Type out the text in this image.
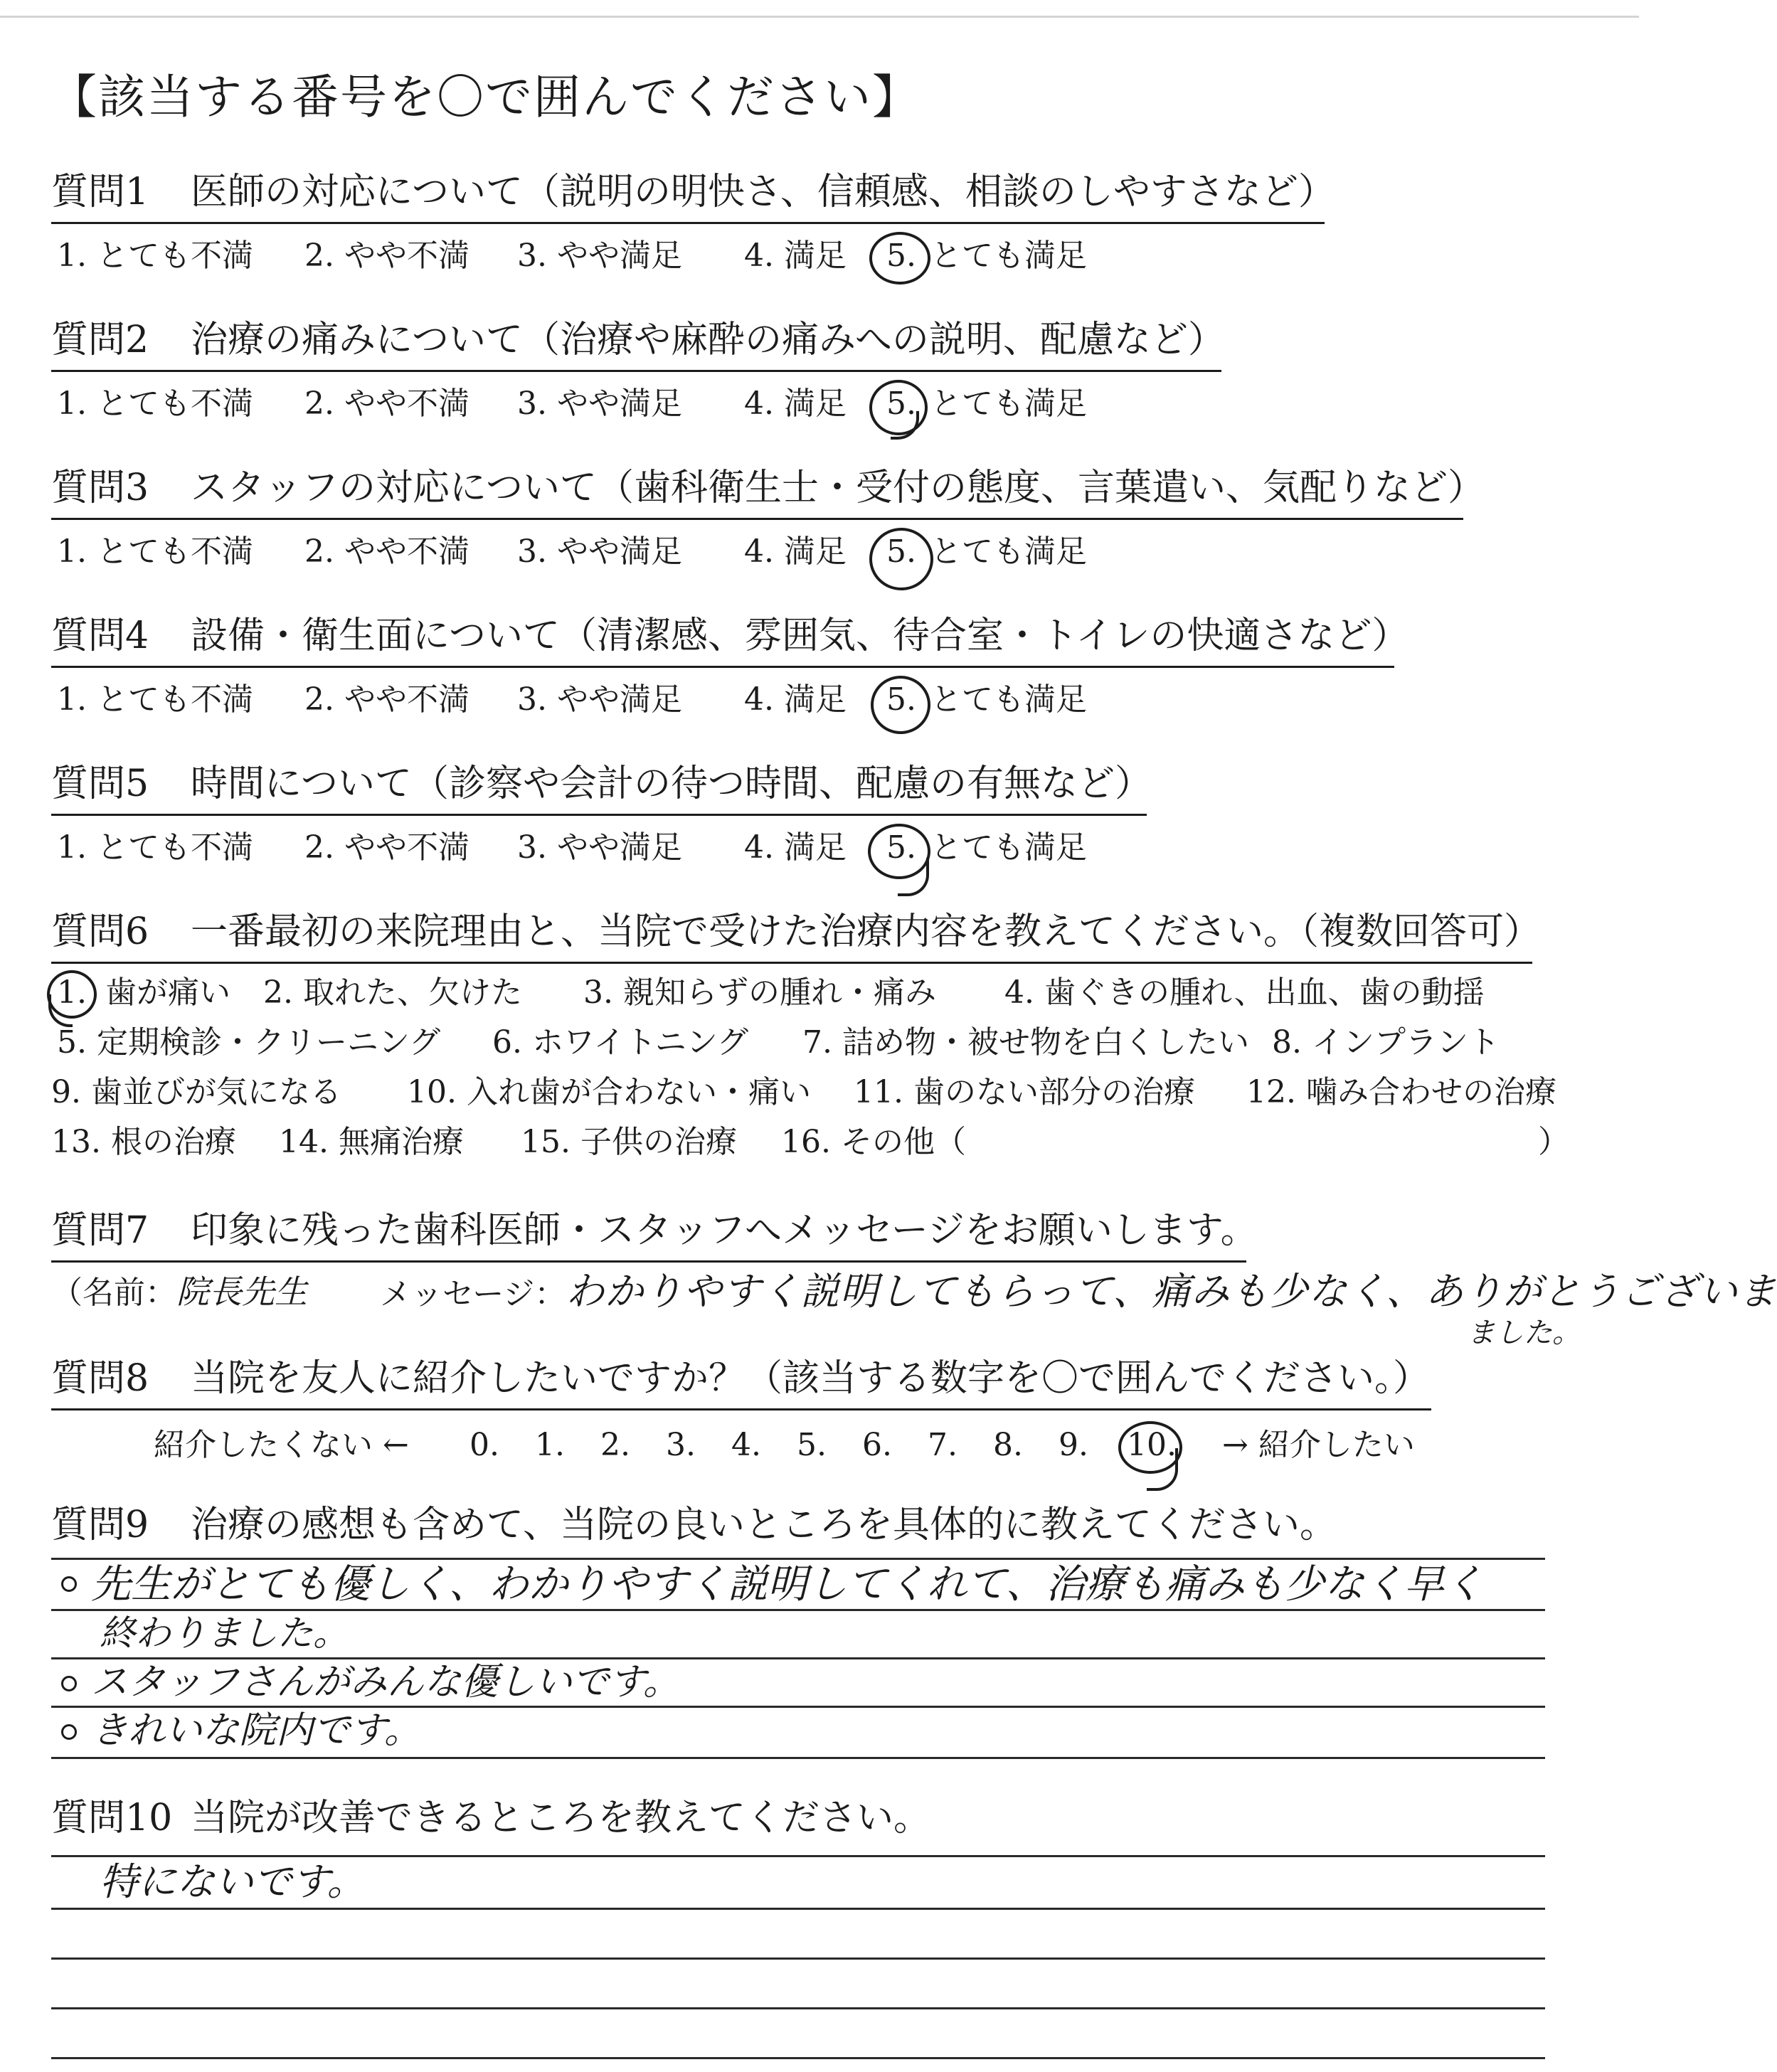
【該当する番号を〇で囲んでください】
質問1 医師の対応について（説明の明快さ、信頼感、相談のしやすさなど）
1. とても不満 2. やや不満 3. やや満足 4. 満足 5. とても満足
質問2 治療の痛みについて（治療や麻酔の痛みへの説明、配慮など）
1. とても不満 2. やや不満 3. やや満足 4. 満足 5. とても満足
質問3 スタッフの対応について（歯科衛生士・受付の態度、言葉遣い、気配りなど）
1. とても不満 2. やや不満 3. やや満足 4. 満足 5. とても満足
質問4 設備・衛生面について（清潔感、雰囲気、待合室・トイレの快適さなど）
1. とても不満 2. やや不満 3. やや満足 4. 満足 5. とても満足
質問5 時間について（診察や会計の待つ時間、配慮の有無など）
1. とても不満 2. やや不満 3. やや満足 4. 満足 5. とても満足
質問6 一番最初の来院理由と、当院で受けた治療内容を教えてください。（複数回答可）
1. 歯が痛い 2. 取れた、欠けた 3. 親知らずの腫れ・痛み 4. 歯ぐきの腫れ、出血、歯の動揺
5. 定期検診・クリーニング 6. ホワイトニング 7. 詰め物・被せ物を白くしたい 8. インプラント
9. 歯並びが気になる 10. 入れ歯が合わない・痛い 11. 歯のない部分の治療 12. 噛み合わせの治療
13. 根の治療 14. 無痛治療 15. 子供の治療 16. その他（	）
質問7 印象に残った歯科医師・スタッフへメッセージをお願いします。
（名前：院長先生 メッセージ：わかりやすく説明してもらって、痛みも少なく、ありがとうございま
ました。
質問8 当院を友人に紹介したいですか？（該当する数字を〇で囲んでください。）
紹介したくない ← 0. 1. 2. 3. 4. 5. 6. 7. 8. 9. 10. → 紹介したい
質問9 治療の感想も含めて、当院の良いところを具体的に教えてください。
先生がとても優しく、わかりやすく説明してくれて、治療も痛みも少なく早く
終わりました。
スタッフさんがみんな優しいです。
きれいな院内です。
質問10 当院が改善できるところを教えてください。
特にないです。
